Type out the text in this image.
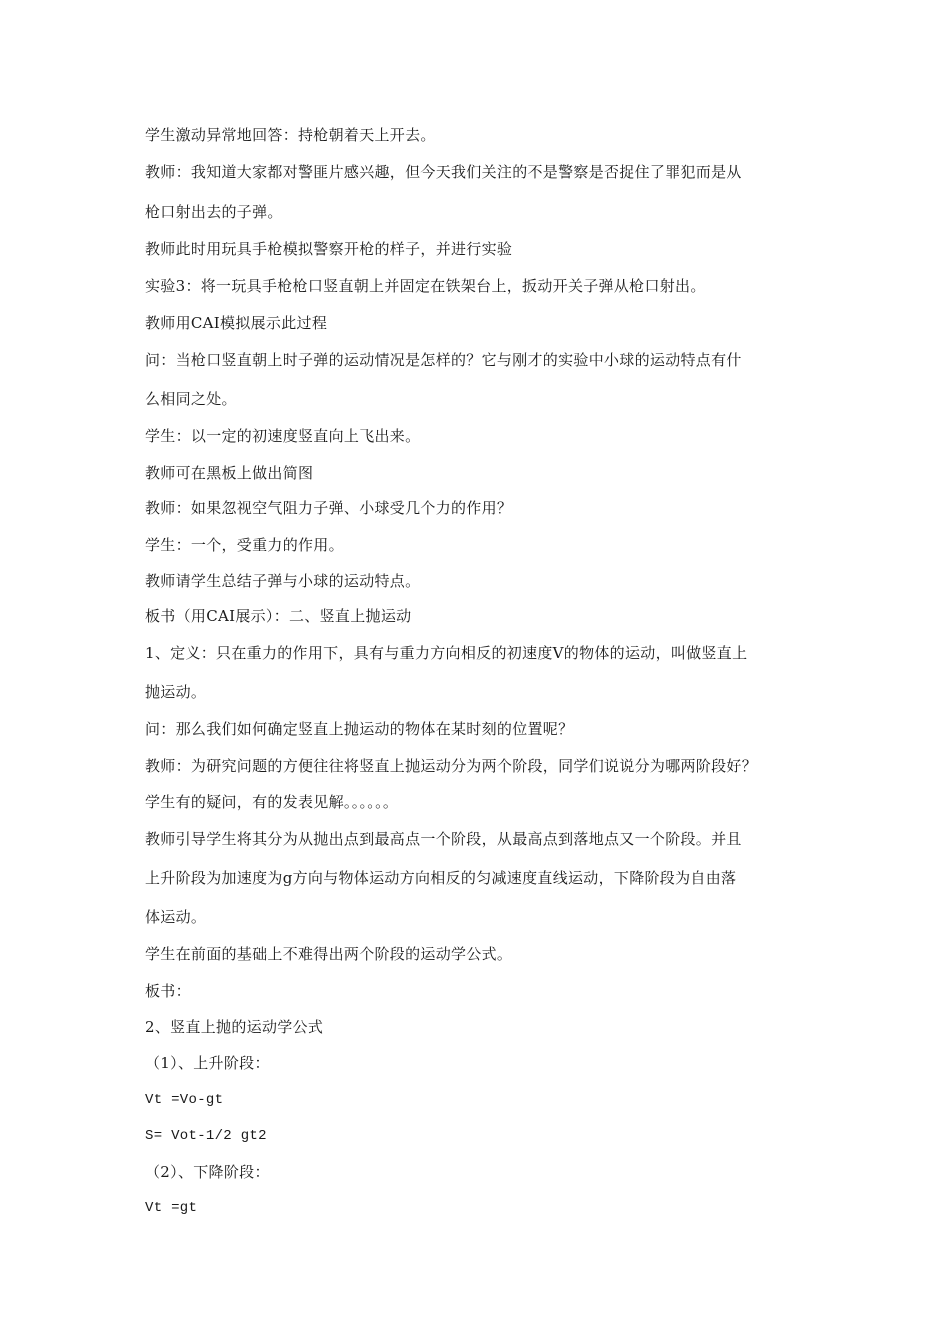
学生激动异常地回答：持枪朝着天上开去。
教师：我知道大家都对警匪片感兴趣，但今天我们关注的不是警察是否捉住了罪犯而是从
枪口射出去的子弹。
教师此时用玩具手枪模拟警察开枪的样子，并进行实验
实验3：将一玩具手枪枪口竖直朝上并固定在铁架台上，扳动开关子弹从枪口射出。
教师用CAI模拟展示此过程
问：当枪口竖直朝上时子弹的运动情况是怎样的？它与刚才的实验中小球的运动特点有什
么相同之处。
学生：以一定的初速度竖直向上飞出来。
教师可在黑板上做出简图
教师：如果忽视空气阻力子弹、小球受几个力的作用？
学生：一个，受重力的作用。
教师请学生总结子弹与小球的运动特点。
板书（用CAI展示）：二、竖直上抛运动
1、定义：只在重力的作用下，具有与重力方向相反的初速度V的物体的运动，叫做竖直上
抛运动。
问：那么我们如何确定竖直上抛运动的物体在某时刻的位置呢？
教师：为研究问题的方便往往将竖直上抛运动分为两个阶段，同学们说说分为哪两阶段好？
学生有的疑问，有的发表见解。。。。。。
教师引导学生将其分为从抛出点到最高点一个阶段，从最高点到落地点又一个阶段。并且
上升阶段为加速度为g方向与物体运动方向相反的匀减速度直线运动，下降阶段为自由落
体运动。
学生在前面的基础上不难得出两个阶段的运动学公式。
板书：
2、竖直上抛的运动学公式
（1）、上升阶段：
Vt =Vo-gt
S= Vot-1/2 gt2
（2）、下降阶段：
Vt =gt
